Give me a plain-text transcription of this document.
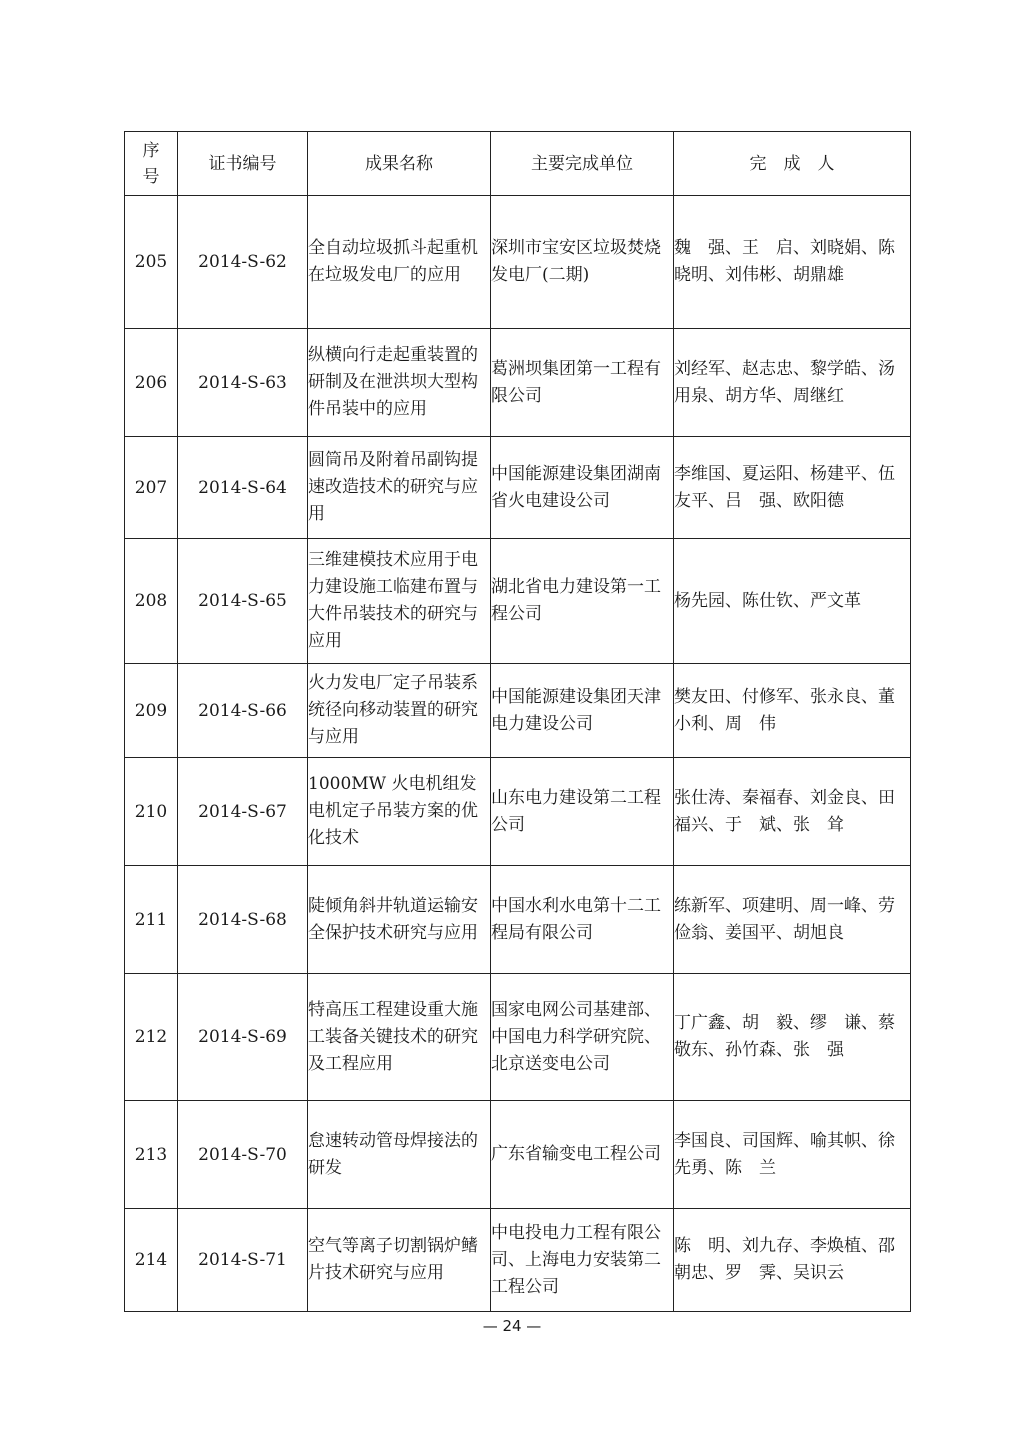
序
号	证书编号	成果名称	主要完成单位	完　成　人
205	2014-S-62	全自动垃圾抓斗起重机在垃圾发电厂的应用	深圳市宝安区垃圾焚烧发电厂(二期)	魏　强、王　启、刘晓娟、陈晓明、刘伟彬、胡鼎雄
206	2014-S-63	纵横向行走起重装置的研制及在泄洪坝大型构件吊装中的应用	葛洲坝集团第一工程有限公司	刘经军、赵志忠、黎学皓、汤用泉、胡方华、周继红
207	2014-S-64	圆筒吊及附着吊副钩提速改造技术的研究与应用	中国能源建设集团湖南省火电建设公司	李维国、夏运阳、杨建平、伍友平、吕　强、欧阳德
208	2014-S-65	三维建模技术应用于电力建设施工临建布置与大件吊装技术的研究与应用	湖北省电力建设第一工程公司	杨先园、陈仕钦、严文革
209	2014-S-66	火力发电厂定子吊装系统径向移动装置的研究与应用	中国能源建设集团天津电力建设公司	樊友田、付修军、张永良、董小利、周　伟
210	2014-S-67	1000MW 火电机组发电机定子吊装方案的优化技术	山东电力建设第二工程公司	张仕涛、秦福春、刘金良、田福兴、于　斌、张　耸
211	2014-S-68	陡倾角斜井轨道运输安全保护技术研究与应用	中国水利水电第十二工程局有限公司	练新军、项建明、周一峰、劳俭翁、姜国平、胡旭良
212	2014-S-69	特高压工程建设重大施工装备关键技术的研究及工程应用	国家电网公司基建部、中国电力科学研究院、北京送变电公司	丁广鑫、胡　毅、缪　谦、蔡敬东、孙竹森、张　强
213	2014-S-70	怠速转动管母焊接法的研发	广东省输变电工程公司	李国良、司国辉、喻其帜、徐先勇、陈　兰
214	2014-S-71	空气等离子切割锅炉鳍片技术研究与应用	中电投电力工程有限公司、上海电力安装第二工程公司	陈　明、刘九存、李焕植、邵朝忠、罗　霁、吴识云
— 24 —
